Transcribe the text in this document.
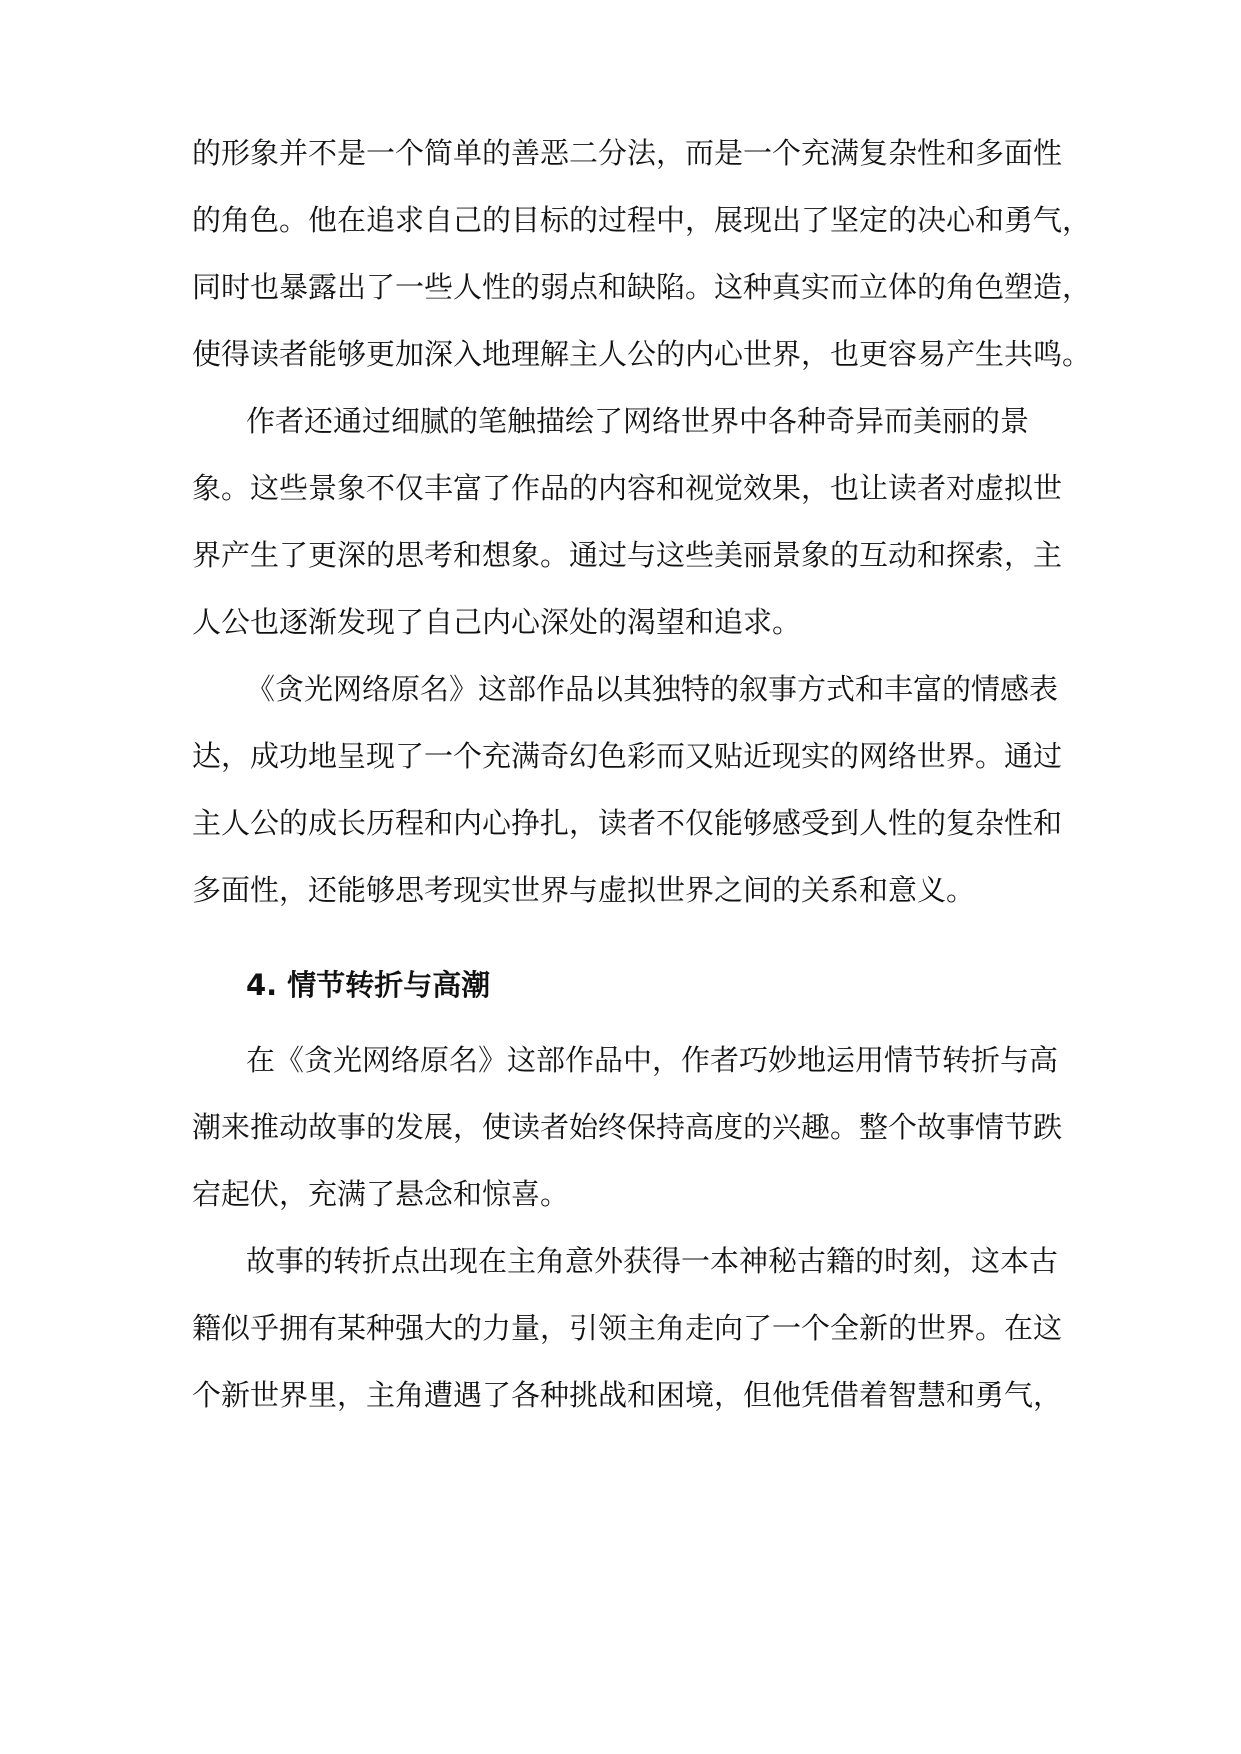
的形象并不是一个简单的善恶二分法，而是一个充满复杂性和多面性
的角色。他在追求自己的目标的过程中，展现出了坚定的决心和勇气，
同时也暴露出了一些人性的弱点和缺陷。这种真实而立体的角色塑造，
使得读者能够更加深入地理解主人公的内心世界，也更容易产生共鸣。
作者还通过细腻的笔触描绘了网络世界中各种奇异而美丽的景
象。这些景象不仅丰富了作品的内容和视觉效果，也让读者对虚拟世
界产生了更深的思考和想象。通过与这些美丽景象的互动和探索，主
人公也逐渐发现了自己内心深处的渴望和追求。
《贪光网络原名》这部作品以其独特的叙事方式和丰富的情感表
达，成功地呈现了一个充满奇幻色彩而又贴近现实的网络世界。通过
主人公的成长历程和内心挣扎，读者不仅能够感受到人性的复杂性和
多面性，还能够思考现实世界与虚拟世界之间的关系和意义。
4. 情节转折与高潮
在《贪光网络原名》这部作品中，作者巧妙地运用情节转折与高
潮来推动故事的发展，使读者始终保持高度的兴趣。整个故事情节跌
宕起伏，充满了悬念和惊喜。
故事的转折点出现在主角意外获得一本神秘古籍的时刻，这本古
籍似乎拥有某种强大的力量，引领主角走向了一个全新的世界。在这
个新世界里，主角遭遇了各种挑战和困境，但他凭借着智慧和勇气，
